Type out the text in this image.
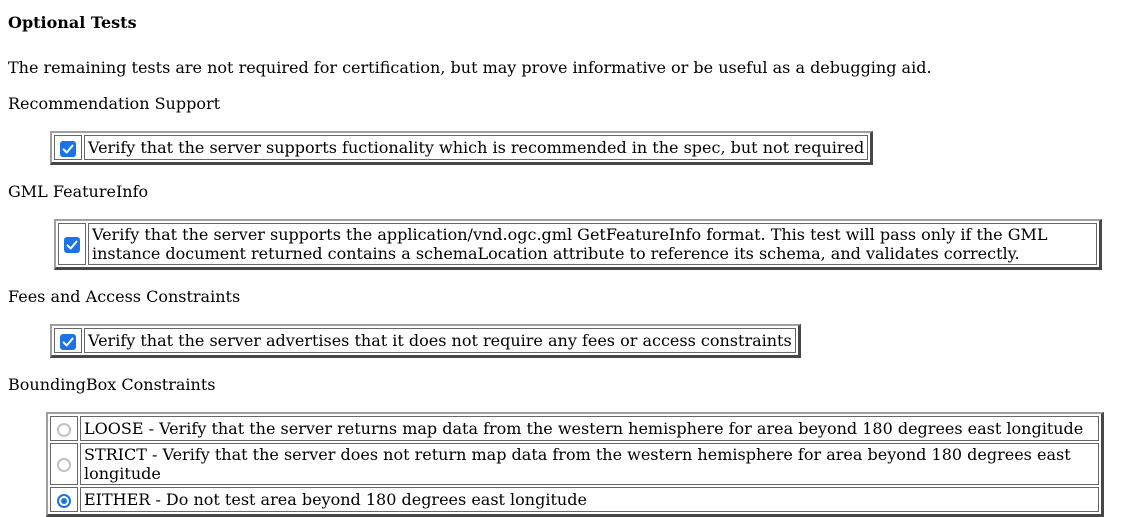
Optional Tests

The remaining tests are not required for certification, but may prove informative or be useful as a debugging aid.

Recommendation Support
	Verify that the server supports fuctionality which is recommended in the spec, but not required
GML FeatureInfo
	Verify that the server supports the application/vnd.ogc.gml GetFeatureInfo format. This test will pass only if the GML instance document returned contains a schemaLocation attribute to reference its schema, and validates correctly.
Fees and Access Constraints
	Verify that the server advertises that it does not require any fees or access constraints
BoundingBox Constraints
	LOOSE - Verify that the server returns map data from the western hemisphere for area beyond 180 degrees east longitude
	STRICT - Verify that the server does not return map data from the western hemisphere for area beyond 180 degrees east longitude
	EITHER - Do not test area beyond 180 degrees east longitude
